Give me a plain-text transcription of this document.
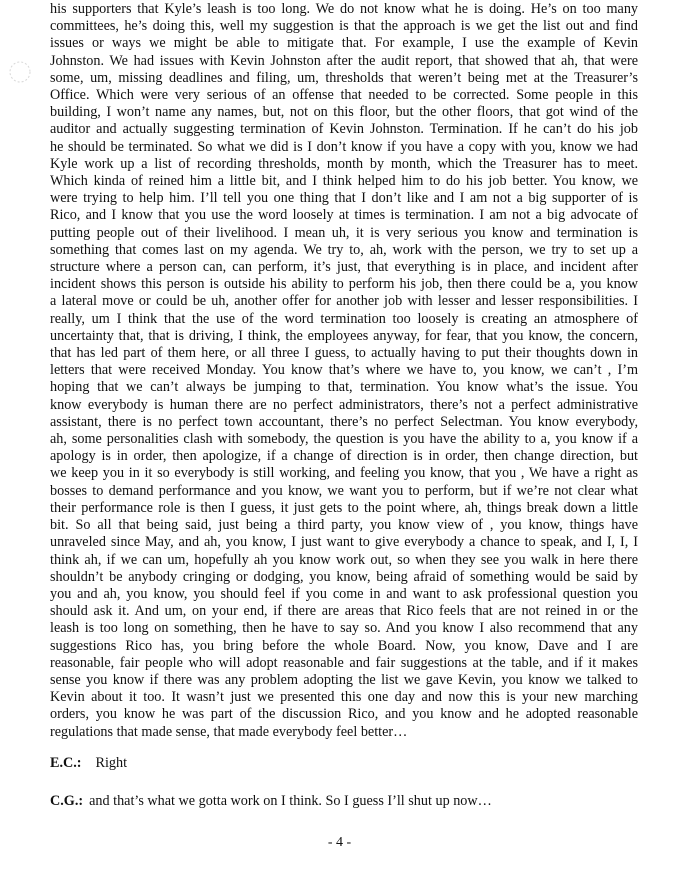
his supporters that Kyle’s leash is too long. We do not know what he is doing. He’s on too many
committees, he’s doing this, well my suggestion is that the approach is we get the list out and find
issues or ways we might be able to mitigate that. For example, I use the example of Kevin
Johnston. We had issues with Kevin Johnston after the audit report, that showed that ah, that were
some, um, missing deadlines and filing, um, thresholds that weren’t being met at the Treasurer’s
Office. Which were very serious of an offense that needed to be corrected. Some people in this
building, I won’t name any names, but, not on this floor, but the other floors, that got wind of the
auditor and actually suggesting termination of Kevin Johnston. Termination. If he can’t do his job
he should be terminated. So what we did is I don’t know if you have a copy with you, know we had
Kyle work up a list of recording thresholds, month by month, which the Treasurer has to meet.
Which kinda of reined him a little bit, and I think helped him to do his job better. You know, we
were trying to help him. I’ll tell you one thing that I don’t like and I am not a big supporter of is
Rico, and I know that you use the word loosely at times is termination. I am not a big advocate of
putting people out of their livelihood. I mean uh, it is very serious you know and termination is
something that comes last on my agenda. We try to, ah, work with the person, we try to set up a
structure where a person can, can perform, it’s just, that everything is in place, and incident after
incident shows this person is outside his ability to perform his job, then there could be a, you know
a lateral move or could be uh, another offer for another job with lesser and lesser responsibilities. I
really, um I think that the use of the word termination too loosely is creating an atmosphere of
uncertainty that, that is driving, I think, the employees anyway, for fear, that you know, the concern,
that has led part of them here, or all three I guess, to actually having to put their thoughts down in
letters that were received Monday. You know that’s where we have to, you know, we can’t , I’m
hoping that we can’t always be jumping to that, termination. You know what’s the issue. You
know everybody is human there are no perfect administrators, there’s not a perfect administrative
assistant, there is no perfect town accountant, there’s no perfect Selectman. You know everybody,
ah, some personalities clash with somebody, the question is you have the ability to a, you know if a
apology is in order, then apologize, if a change of direction is in order, then change direction, but
we keep you in it so everybody is still working, and feeling you know, that you , We have a right as
bosses to demand performance and you know, we want you to perform, but if we’re not clear what
their performance role is then I guess, it just gets to the point where, ah, things break down a little
bit. So all that being said, just being a third party, you know view of , you know, things have
unraveled since May, and ah, you know, I just want to give everybody a chance to speak, and I, I, I
think ah, if we can um, hopefully ah you know work out, so when they see you walk in here there
shouldn’t be anybody cringing or dodging, you know, being afraid of something would be said by
you and ah, you know, you should feel if you come in and want to ask professional question you
should ask it. And um, on your end, if there are areas that Rico feels that are not reined in or the
leash is too long on something, then he have to say so. And you know I also recommend that any
suggestions Rico has, you bring before the whole Board. Now, you know, Dave and I are
reasonable, fair people who will adopt reasonable and fair suggestions at the table, and if it makes
sense you know if there was any problem adopting the list we gave Kevin, you know we talked to
Kevin about it too. It wasn’t just we presented this one day and now this is your new marching
orders, you know he was part of the discussion Rico, and you know and he adopted reasonable
regulations that made sense, that made everybody feel better…
E.C.: Right
C.G.: and that’s what we gotta work on I think. So I guess I’ll shut up now…
- 4 -
